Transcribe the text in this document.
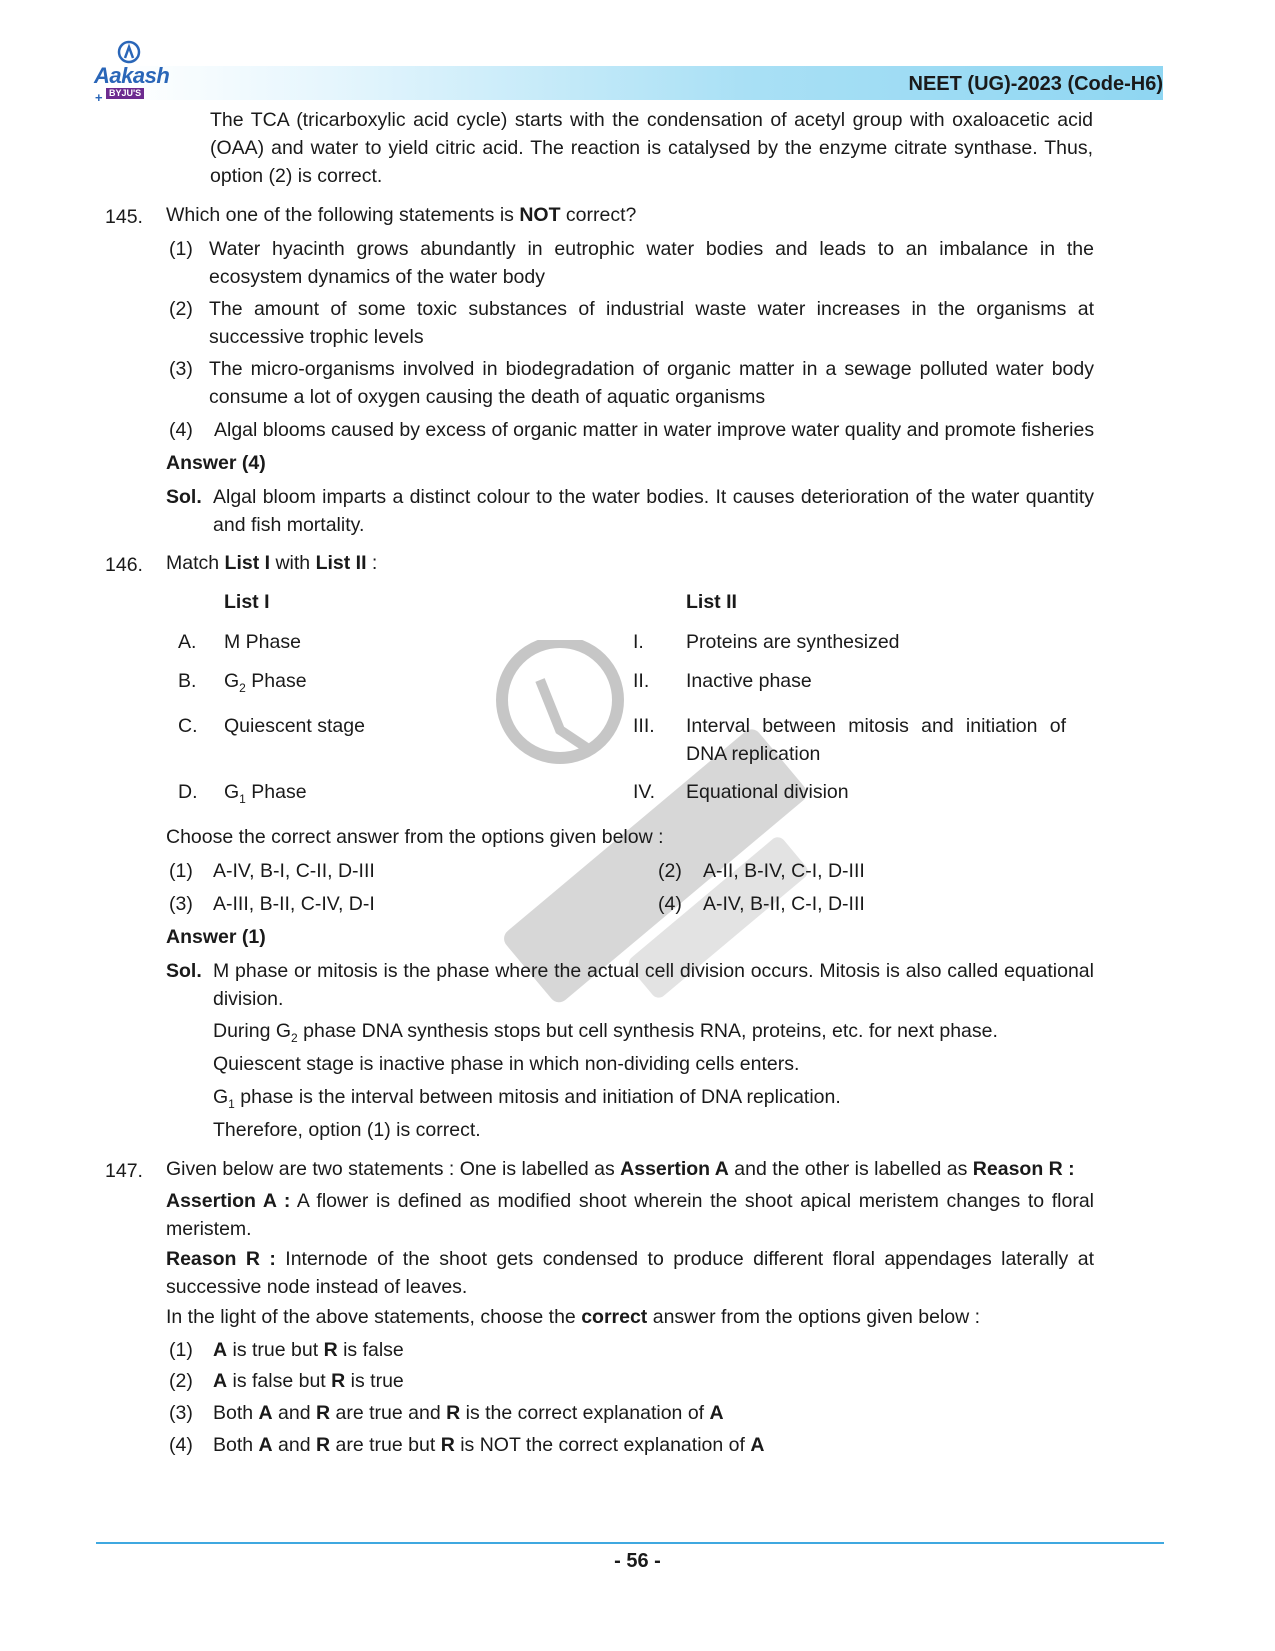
Aakash
+ BYJU'S	NEET (UG)-2023 (Code-H6)
The TCA (tricarboxylic acid cycle) starts with the condensation of acetyl group with oxaloacetic acid (OAA) and water to yield citric acid. The reaction is catalysed by the enzyme citrate synthase. Thus, option (2) is correct.
145. Which one of the following statements is NOT correct?
(1) Water hyacinth grows abundantly in eutrophic water bodies and leads to an imbalance in the ecosystem dynamics of the water body
(2) The amount of some toxic substances of industrial waste water increases in the organisms at successive trophic levels
(3) The micro-organisms involved in biodegradation of organic matter in a sewage polluted water body consume a lot of oxygen causing the death of aquatic organisms
(4) Algal blooms caused by excess of organic matter in water improve water quality and promote fisheries
Answer (4)
Sol. Algal bloom imparts a distinct colour to the water bodies. It causes deterioration of the water quantity and fish mortality.
146. Match List I with List II :
List I	List II
A. M Phase	I. Proteins are synthesized
B. $G_2$ Phase	II. Inactive phase
C. Quiescent stage	III. Interval between mitosis and initiation of DNA replication
D. $G_1$ Phase	IV. Equational division
Choose the correct answer from the options given below :
(1) A-IV, B-I, C-II, D-III	(2) A-II, B-IV, C-I, D-III
(3) A-III, B-II, C-IV, D-I	(4) A-IV, B-II, C-I, D-III
Answer (1)
Sol. M phase or mitosis is the phase where the actual cell division occurs. Mitosis is also called equational division.
During $G_2$ phase DNA synthesis stops but cell synthesis RNA, proteins, etc. for next phase.
Quiescent stage is inactive phase in which non-dividing cells enters.
$G_1$ phase is the interval between mitosis and initiation of DNA replication.
Therefore, option (1) is correct.
147. Given below are two statements : One is labelled as Assertion A and the other is labelled as Reason R :
Assertion A : A flower is defined as modified shoot wherein the shoot apical meristem changes to floral meristem.
Reason R : Internode of the shoot gets condensed to produce different floral appendages laterally at successive node instead of leaves.
In the light of the above statements, choose the correct answer from the options given below :
(1) A is true but R is false
(2) A is false but R is true
(3) Both A and R are true and R is the correct explanation of A
(4) Both A and R are true but R is NOT the correct explanation of A
- 56 -
